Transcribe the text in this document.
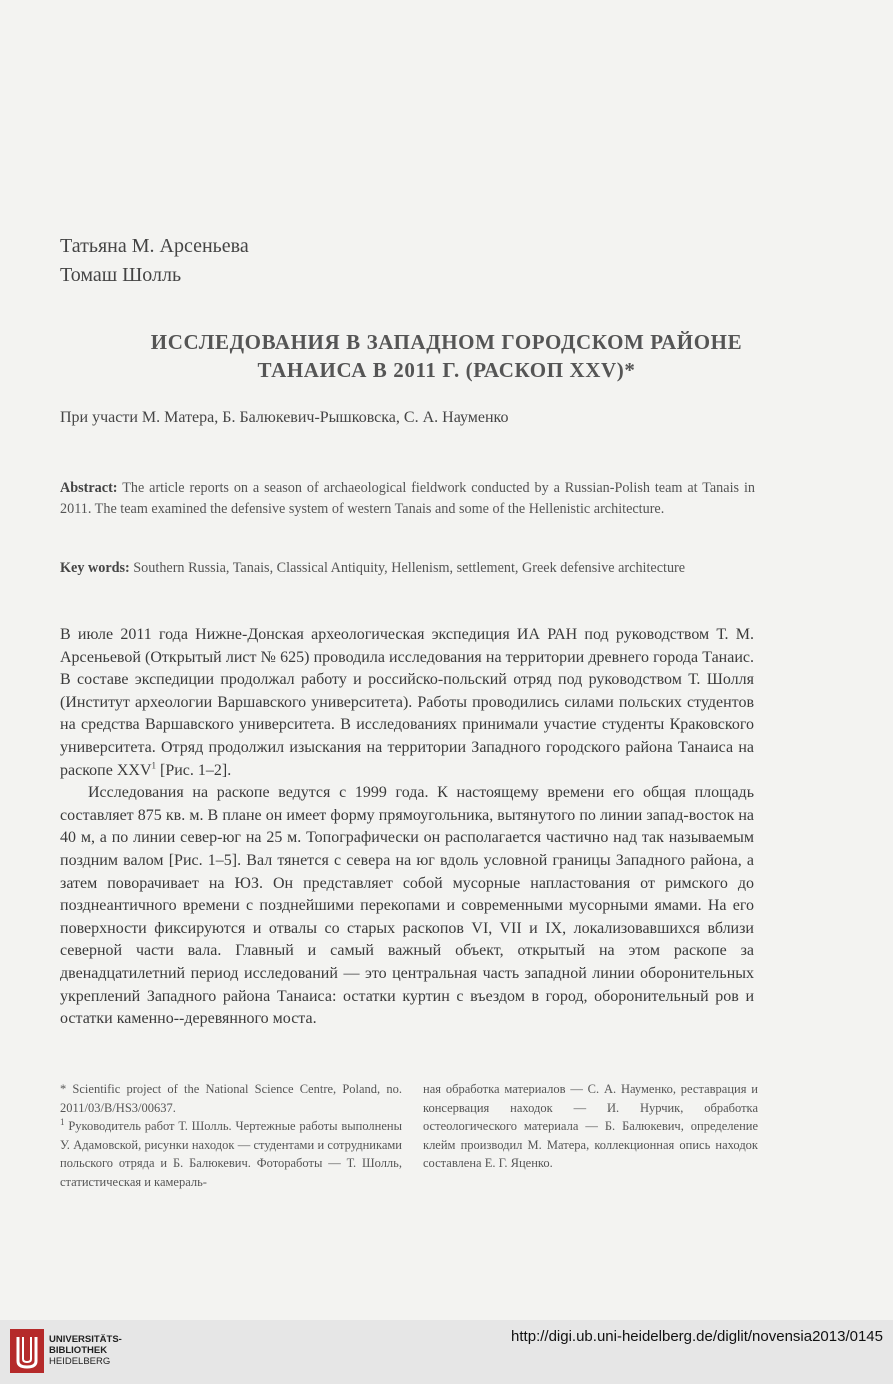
Татьяна М. Арсеньева
Томаш Шолль
ИССЛЕДОВАНИЯ В ЗАПАДНОМ ГОРОДСКОМ РАЙОНЕ
ТАНАИСА В 2011 Г. (РАСКОП XXV)*
При участи М. Матера, Б. Балюкевич-Рышковска, С. А. Науменко
Abstract: The article reports on a season of archaeological fieldwork conducted by a Russian-Polish team at Tanais in 2011. The team examined the defensive system of western Tanais and some of the Hellenistic architecture.
Key words: Southern Russia, Tanais, Classical Antiquity, Hellenism, settlement, Greek defensive architecture

В июле 2011 года Нижне-Донская археологическая экспедиция ИА РАН под руководством Т. М. Арсеньевой (Открытый лист № 625) проводила исследования на территории древнего города Танаис. В составе экспедиции продолжал работу и российско-польский отряд под руководством Т. Шолля (Институт археологии Варшавского университета). Работы проводились силами польских студентов на средства Варшавского университета. В исследованиях принимали участие студенты Краковского университета. Отряд продолжил изыскания на территории Западного городского района Танаиса на раскопе XXV$^1$ [Рис. 1–2].

Исследования на раскопе ведутся с 1999 года. К настоящему времени его общая площадь составляет 875 кв. м. В плане он имеет форму прямоугольника, вытянутого по линии запад-восток на 40 м, а по линии север-юг на 25 м. Топографически он располагается частично над так называемым поздним валом [Рис. 1–5]. Вал тянется с севера на юг вдоль условной границы Западного района, а затем поворачивает на ЮЗ. Он представляет собой мусорные напластования от римского до позднеантичного времени с позднейшими перекопами и современными мусорными ямами. На его поверхности фиксируются и отвалы со старых раскопов VI, VII и IX, локализовавшихся вблизи северной части вала. Главный и самый важный объект, открытый на этом раскопе за двенадцатилетний период исследований — это центральная часть западной линии оборонительных укреплений Западного района Танаиса: остатки куртин с въездом в город, оборонительный ров и остатки каменно--деревянного моста.

* Scientific project of the National Science Centre, Poland, no. 2011/03/B/HS3/00637.

$^1$ Руководитель работ Т. Шолль. Чертежные работы выполнены У. Адамовской, рисунки находок — студентами и сотрудниками польского отряда и Б. Балюкевич. Фотоработы — Т. Шолль, статистическая и камераль-

ная обработка материалов — С. А. Науменко, реставрация и консервация находок — И. Нурчик, обработка остеологического материала — Б. Балюкевич, определение клейм производил М. Матера, коллекционная опись находок составлена Е. Г. Яценко.

UNIVERSITÄTS-
BIBLIOTHEK
HEIDELBERG
http://digi.ub.uni-heidelberg.de/diglit/novensia2013/0145
